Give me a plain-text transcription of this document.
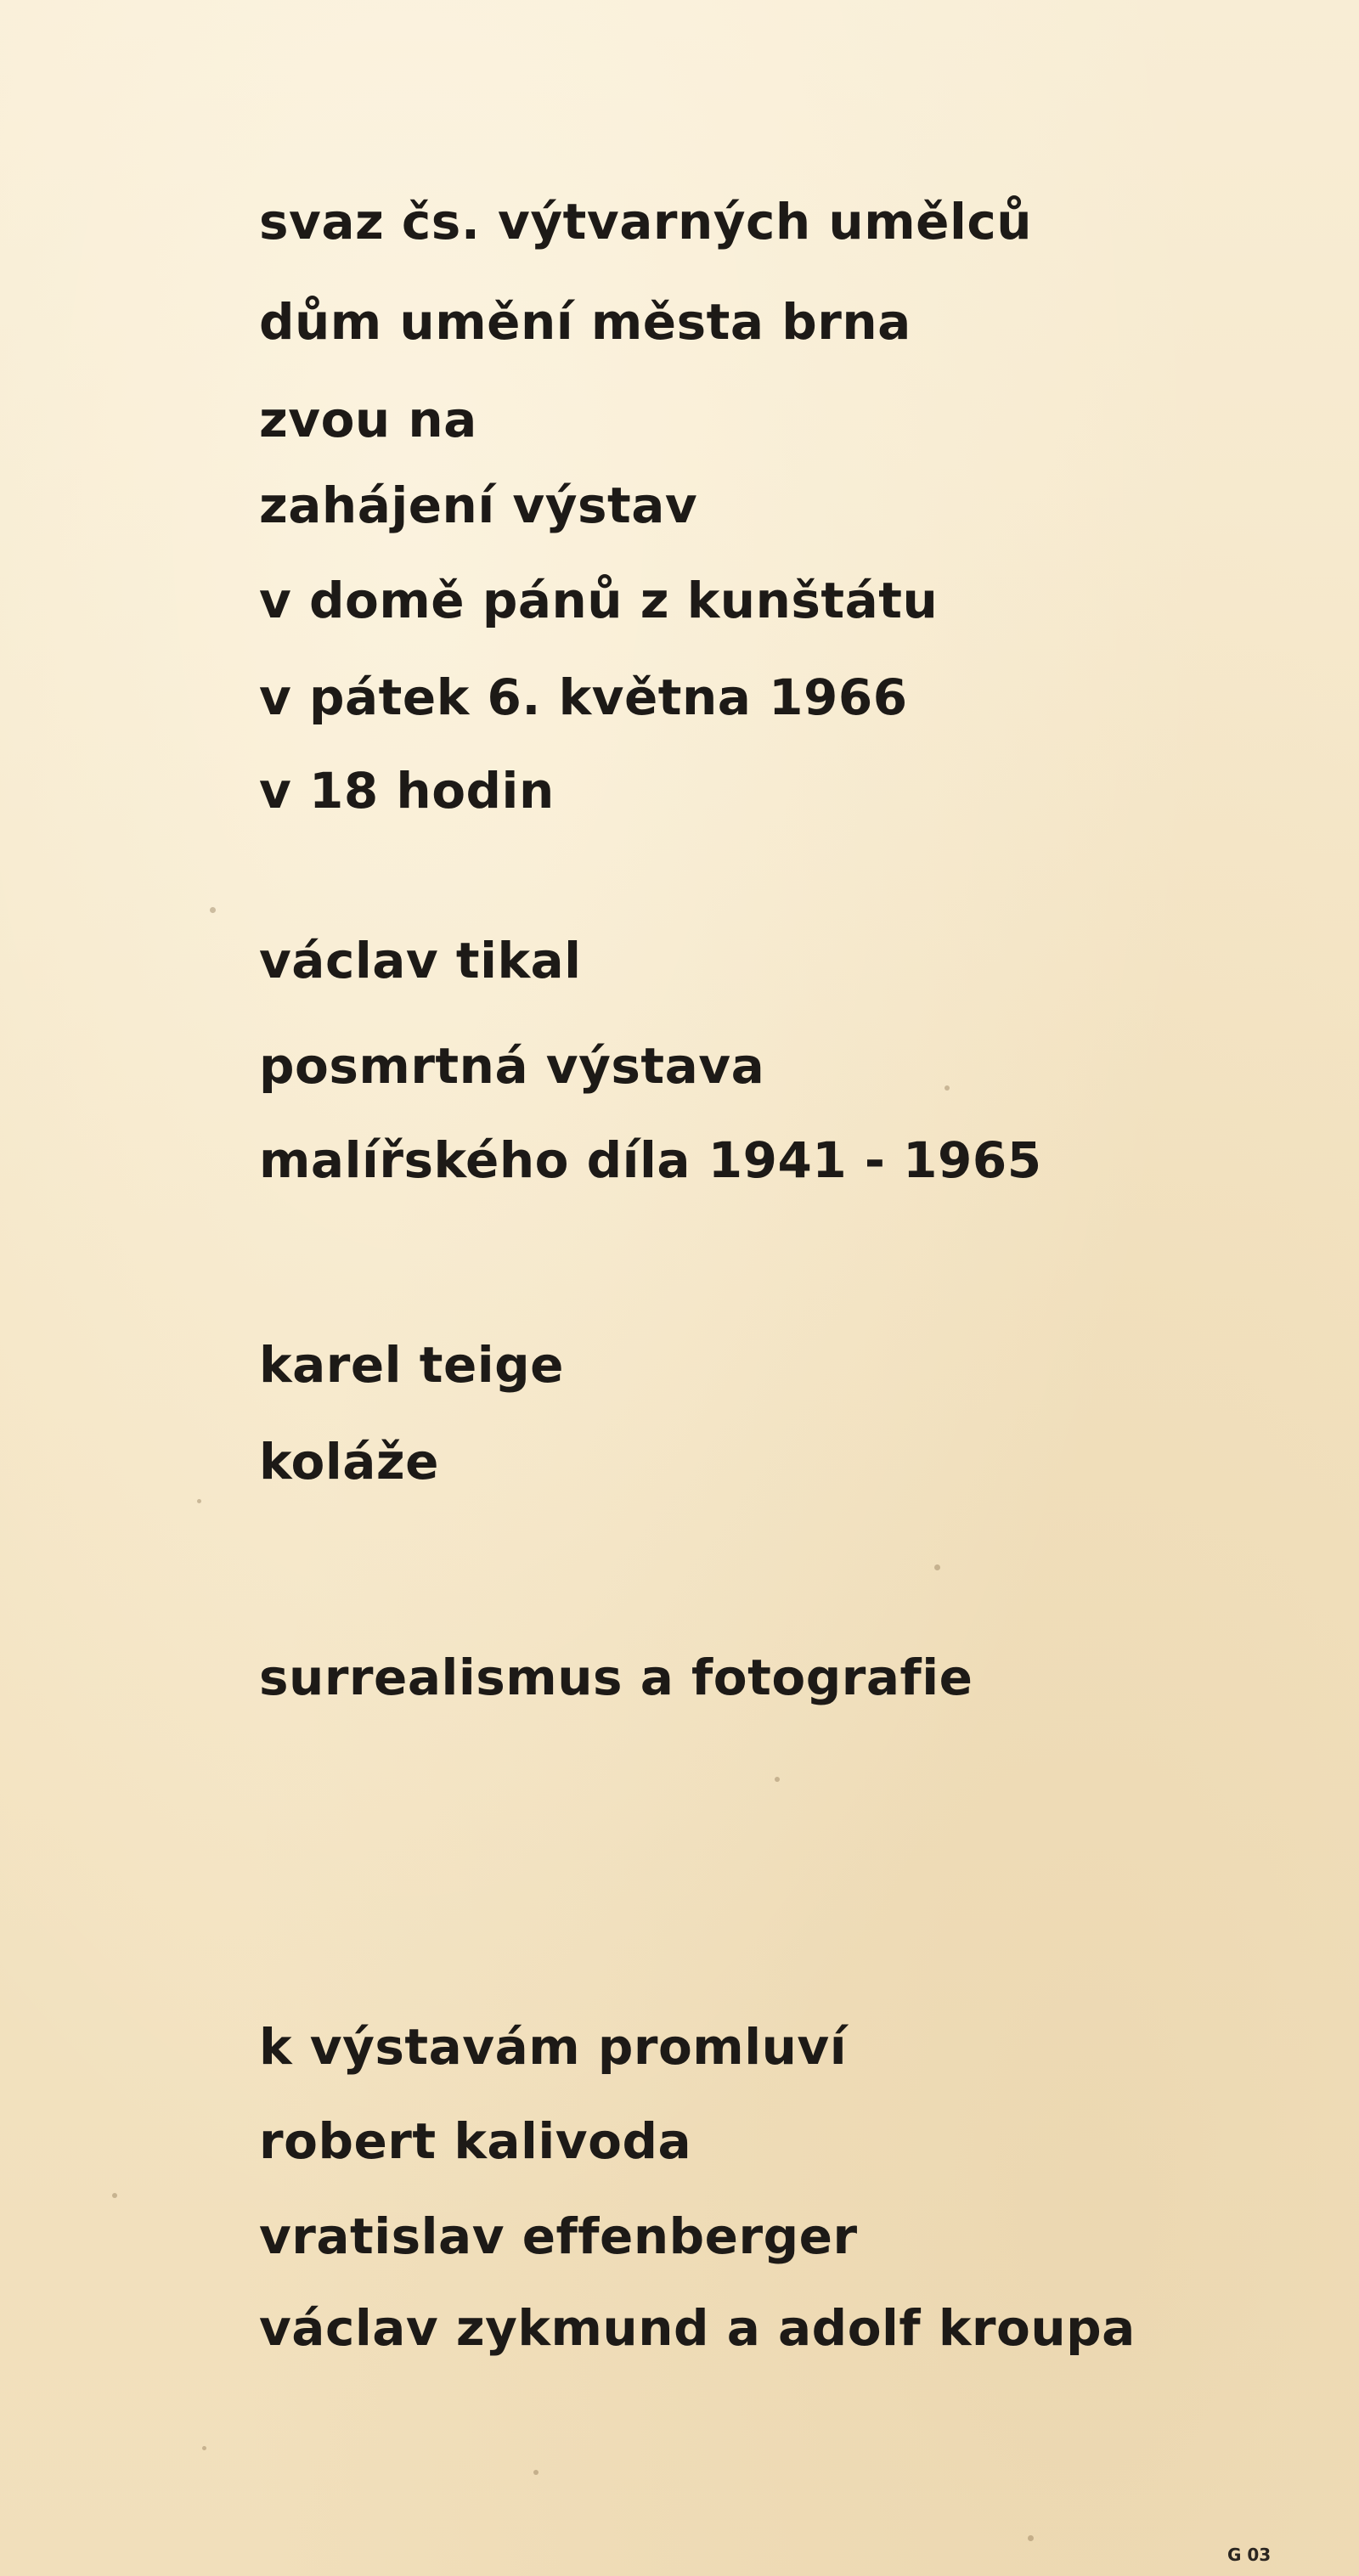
svaz čs. výtvarných umělců

dům umění města brna

zvou na

zahájení výstav

v domě pánů z kunštátu

v pátek 6. května 1966

v 18 hodin

václav tikal

posmrtná výstava

malířského díla 1941 - 1965

karel teige

koláže

surrealismus a fotografie

k výstavám promluví

robert kalivoda

vratislav effenberger

václav zykmund a adolf kroupa

G 03
